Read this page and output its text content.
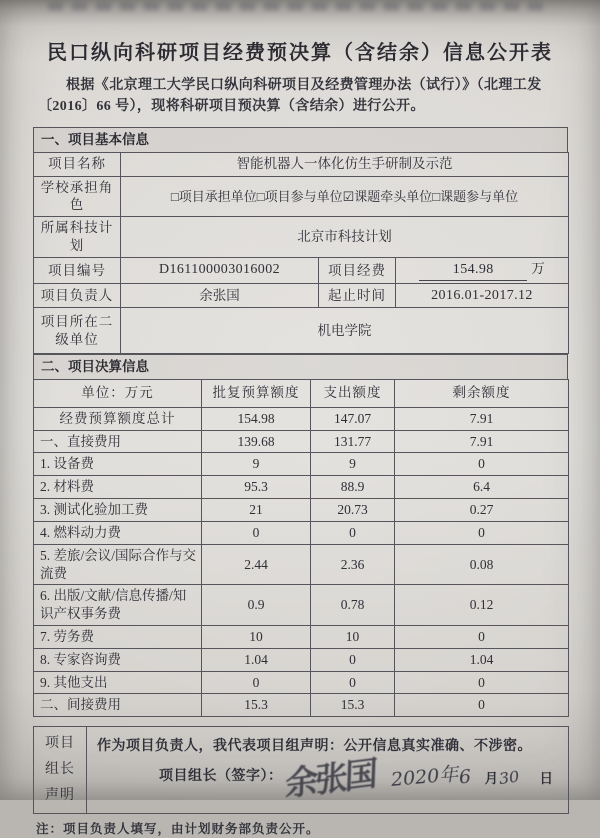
民口纵向科研项目经费预决算（含结余）信息公开表

根据《北京理工大学民口纵向科研项目及经费管理办法（试行）》（北理工发〔2016〕66 号），现将科研项目预决算（含结余）进行公开。

一、项目基本信息
项目名称	智能机器人一体化仿生手研制及示范		
学校承担角色	□项目承担单位□项目参与单位☑课题牵头单位□课题参与单位		
所属科技计划	北京市科技计划		
项目编号	D161100003016002	项目经费	154.98 万
项目负责人	余张国	起止时间	2016.01-2017.12
项目所在二级单位	机电学院		
二、项目决算信息
单位：万元	批复预算额度	支出额度	剩余额度
经费预算额度总计	154.98	147.07	7.91
一、直接费用	139.68	131.77	7.91
1. 设备费	9	9	0
2. 材料费	95.3	88.9	6.4
3. 测试化验加工费	21	20.73	0.27
4. 燃料动力费	0	0	0
5. 差旅/会议/国际合作与交流费	2.44	2.36	0.08
6. 出版/文献/信息传播/知识产权事务费	0.9	0.78	0.12
7. 劳务费	10	10	0
8. 专家咨询费	1.04	0	1.04
9. 其他支出	0	0	0
二、间接费用	15.3	15.3	0
项目
组长
声明

作为项目负责人，我代表项目组声明：公开信息真实准确、不涉密。

项目组长（签字）： 余张国 2020年
6 月
30 日

注：项目负责人填写，由计划财务部负责公开。
